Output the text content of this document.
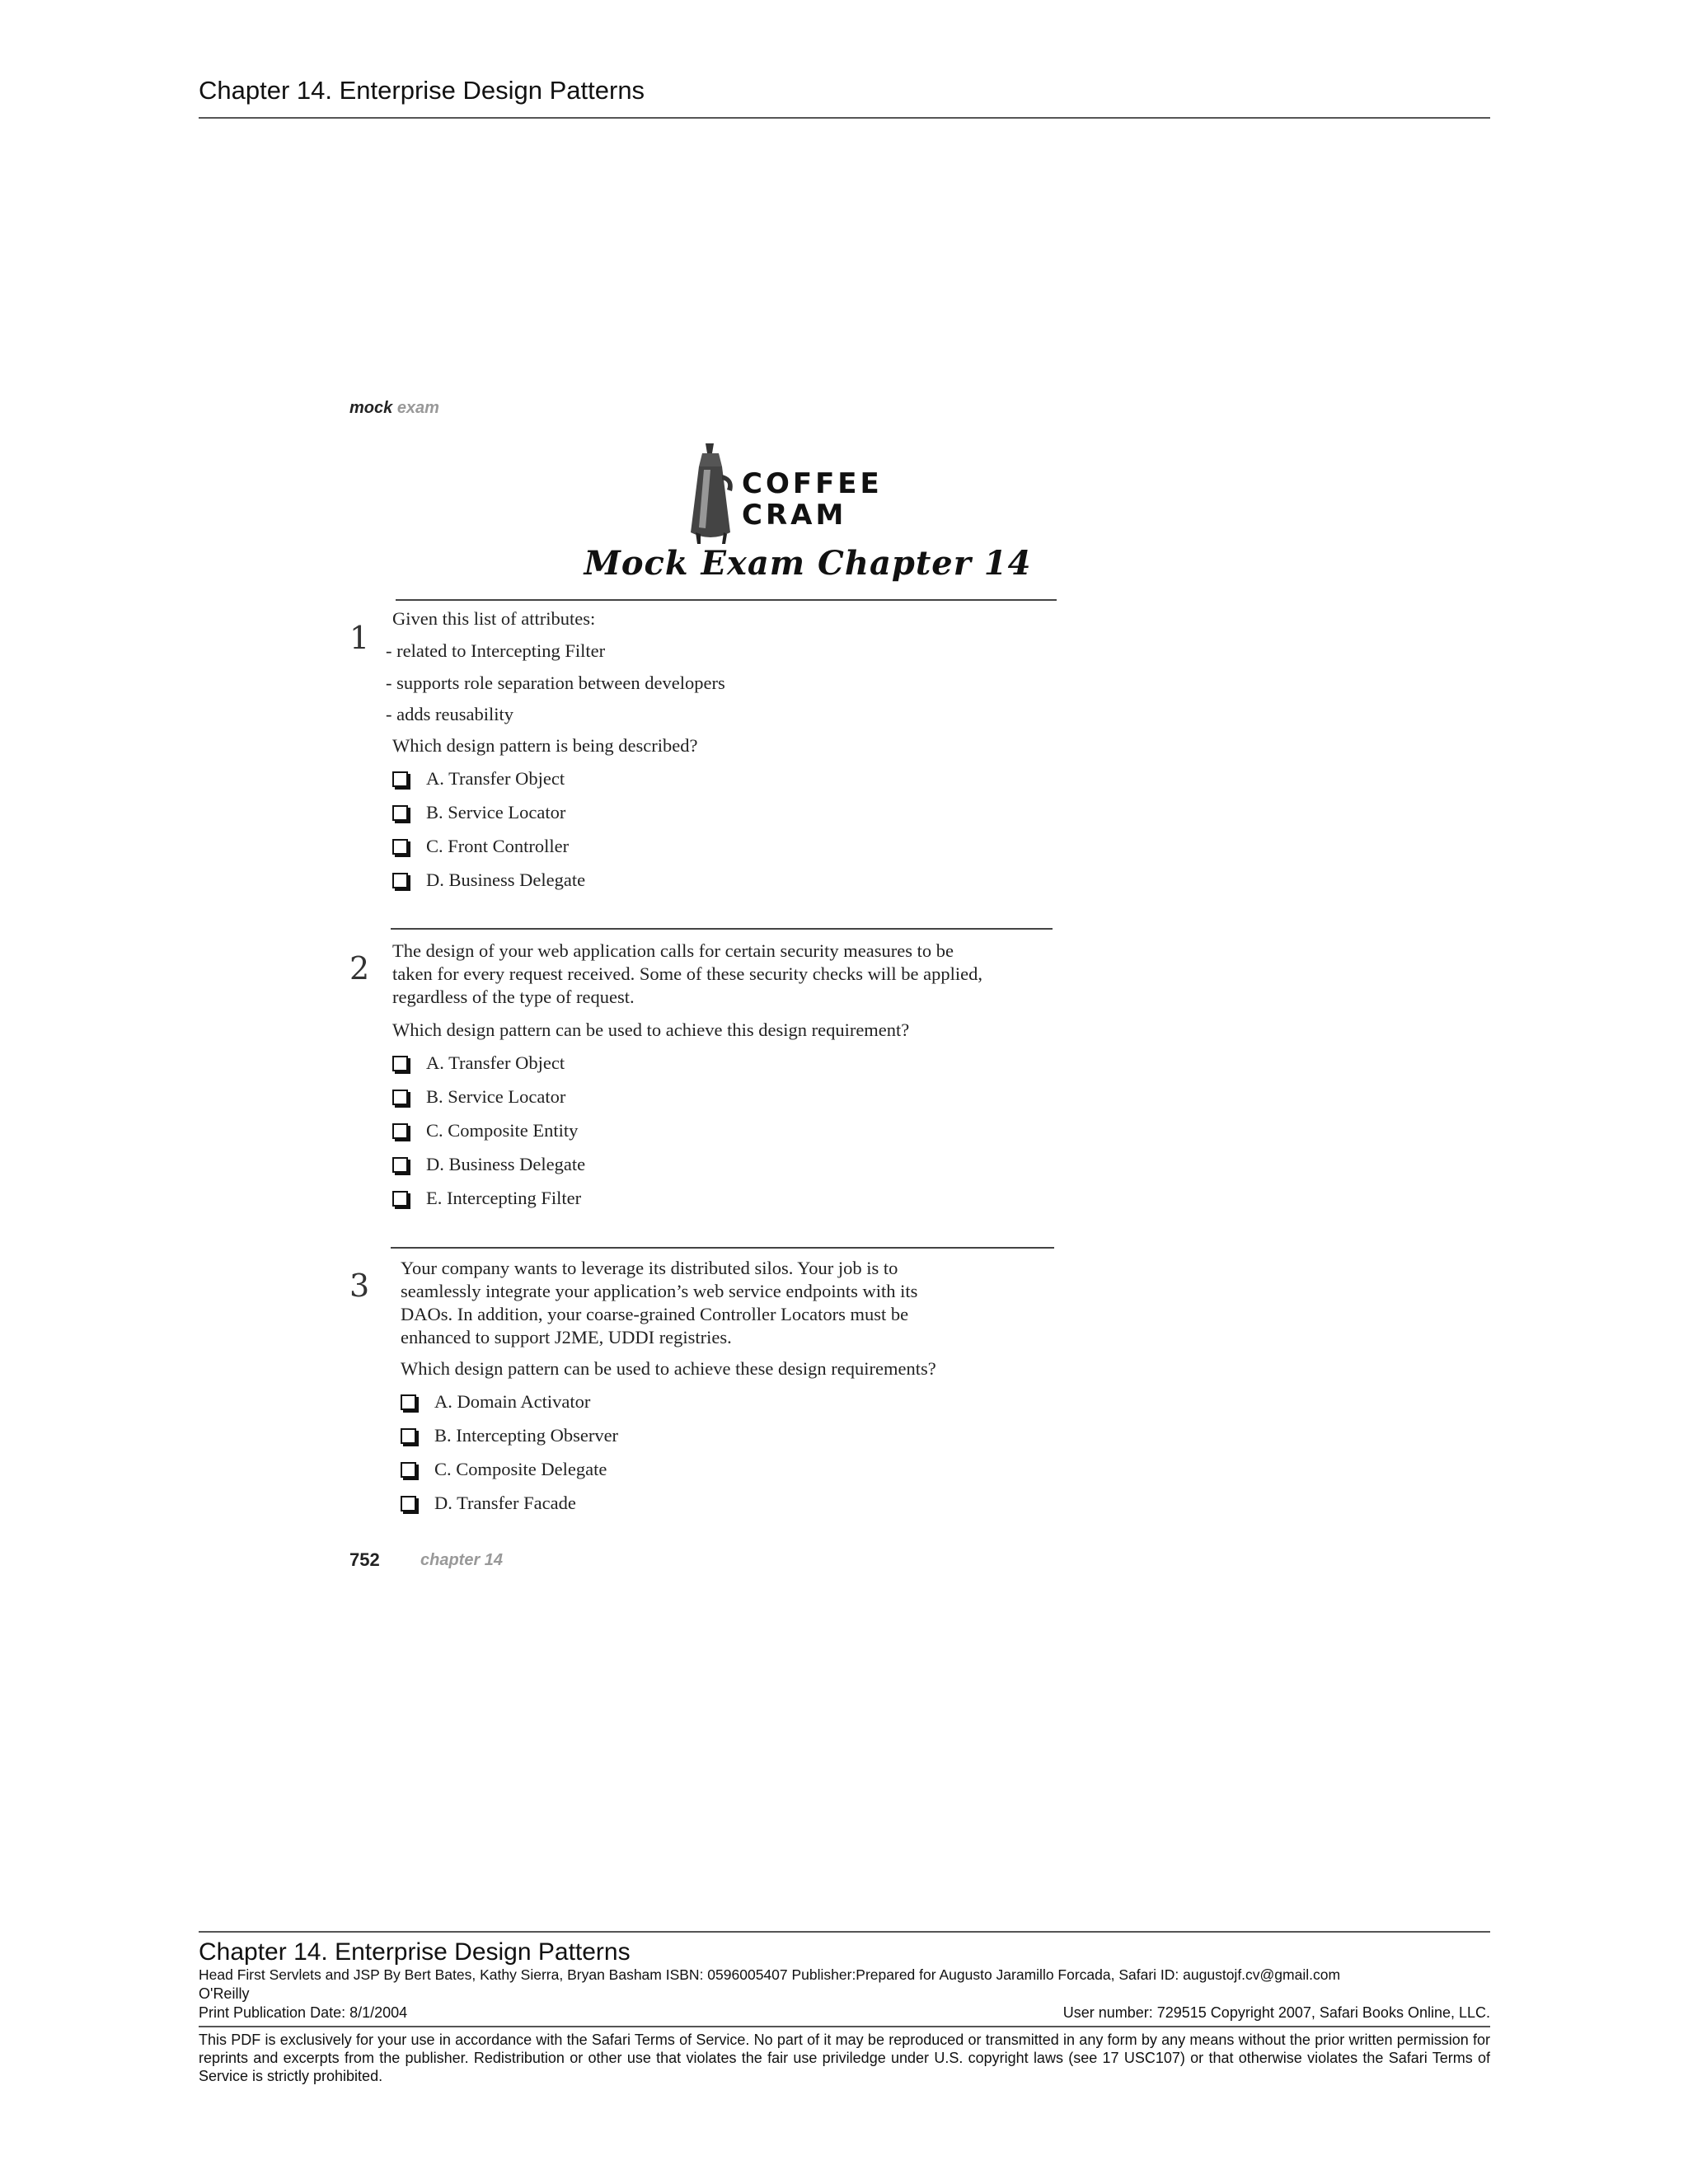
Chapter 14. Enterprise Design Patterns
mock exam
COFFEE
CRAM
Mock Exam Chapter 14
1
Given this list of attributes:
- related to Intercepting Filter
- supports role separation between developers
- adds reusability
Which design pattern is being described?
A. Transfer Object
B. Service Locator
C. Front Controller
D. Business Delegate
2 The design of your web application calls for certain security measures to be
taken for every request received. Some of these security checks will be applied,
regardless of the type of request.
Which design pattern can be used to achieve this design requirement?
A. Transfer Object
B. Service Locator
C. Composite Entity
D. Business Delegate
E. Intercepting Filter
3 Your company wants to leverage its distributed silos. Your job is to
seamlessly integrate your application’s web service endpoints with its
DAOs. In addition, your coarse-grained Controller Locators must be
enhanced to support J2ME, UDDI registries.
Which design pattern can be used to achieve these design requirements?
A. Domain Activator
B. Intercepting Observer
C. Composite Delegate
D. Transfer Facade
752 chapter 14
Chapter 14. Enterprise Design Patterns
Head First Servlets and JSP By Bert Bates, Kathy Sierra, Bryan Basham ISBN: 0596005407 Publisher:Prepared for Augusto Jaramillo Forcada, Safari ID: augustojf.cv@gmail.com
O'Reilly
Print Publication Date: 8/1/2004	User number: 729515 Copyright 2007, Safari Books Online, LLC.
This PDF is exclusively for your use in accordance with the Safari Terms of Service. No part of it may be reproduced or transmitted in any form by any means without the prior written permission for reprints and excerpts from the publisher. Redistribution or other use that violates the fair use priviledge under U.S. copyright laws (see 17 USC107) or that otherwise violates the Safari Terms of Service is strictly prohibited.
